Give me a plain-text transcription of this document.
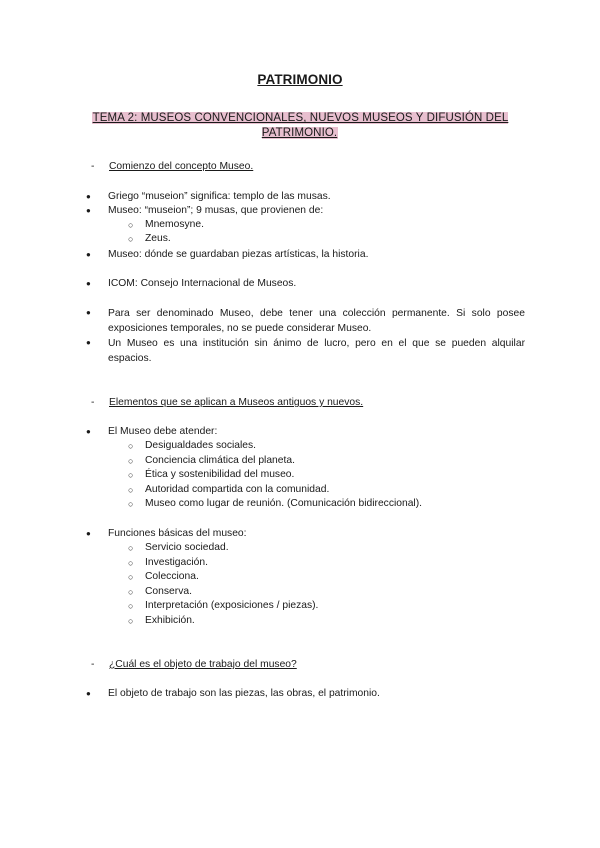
PATRIMONIO
TEMA 2: MUSEOS CONVENCIONALES, NUEVOS MUSEOS Y DIFUSIÓN DEL PATRIMONIO.
- Comienzo del concepto Museo.
● Griego “museion” significa: templo de las musas.
● Museo: “museion”; 9 musas, que provienen de:
○ Mnemosyne.
○ Zeus.
● Museo: dónde se guardaban piezas artísticas, la historia.
● ICOM: Consejo Internacional de Museos.
● Para ser denominado Museo, debe tener una colección permanente. Si solo posee exposiciones temporales, no se puede considerar Museo.
● Un Museo es una institución sin ánimo de lucro, pero en el que se pueden alquilar espacios.
- Elementos que se aplican a Museos antiguos y nuevos.
● El Museo debe atender:
○ Desigualdades sociales.
○ Conciencia climática del planeta.
○ Ética y sostenibilidad del museo.
○ Autoridad compartida con la comunidad.
○ Museo como lugar de reunión. (Comunicación bidireccional).
● Funciones básicas del museo:
○ Servicio sociedad.
○ Investigación.
○ Colecciona.
○ Conserva.
○ Interpretación (exposiciones / piezas).
○ Exhibición.
- ¿Cuál es el objeto de trabajo del museo?
● El objeto de trabajo son las piezas, las obras, el patrimonio.
